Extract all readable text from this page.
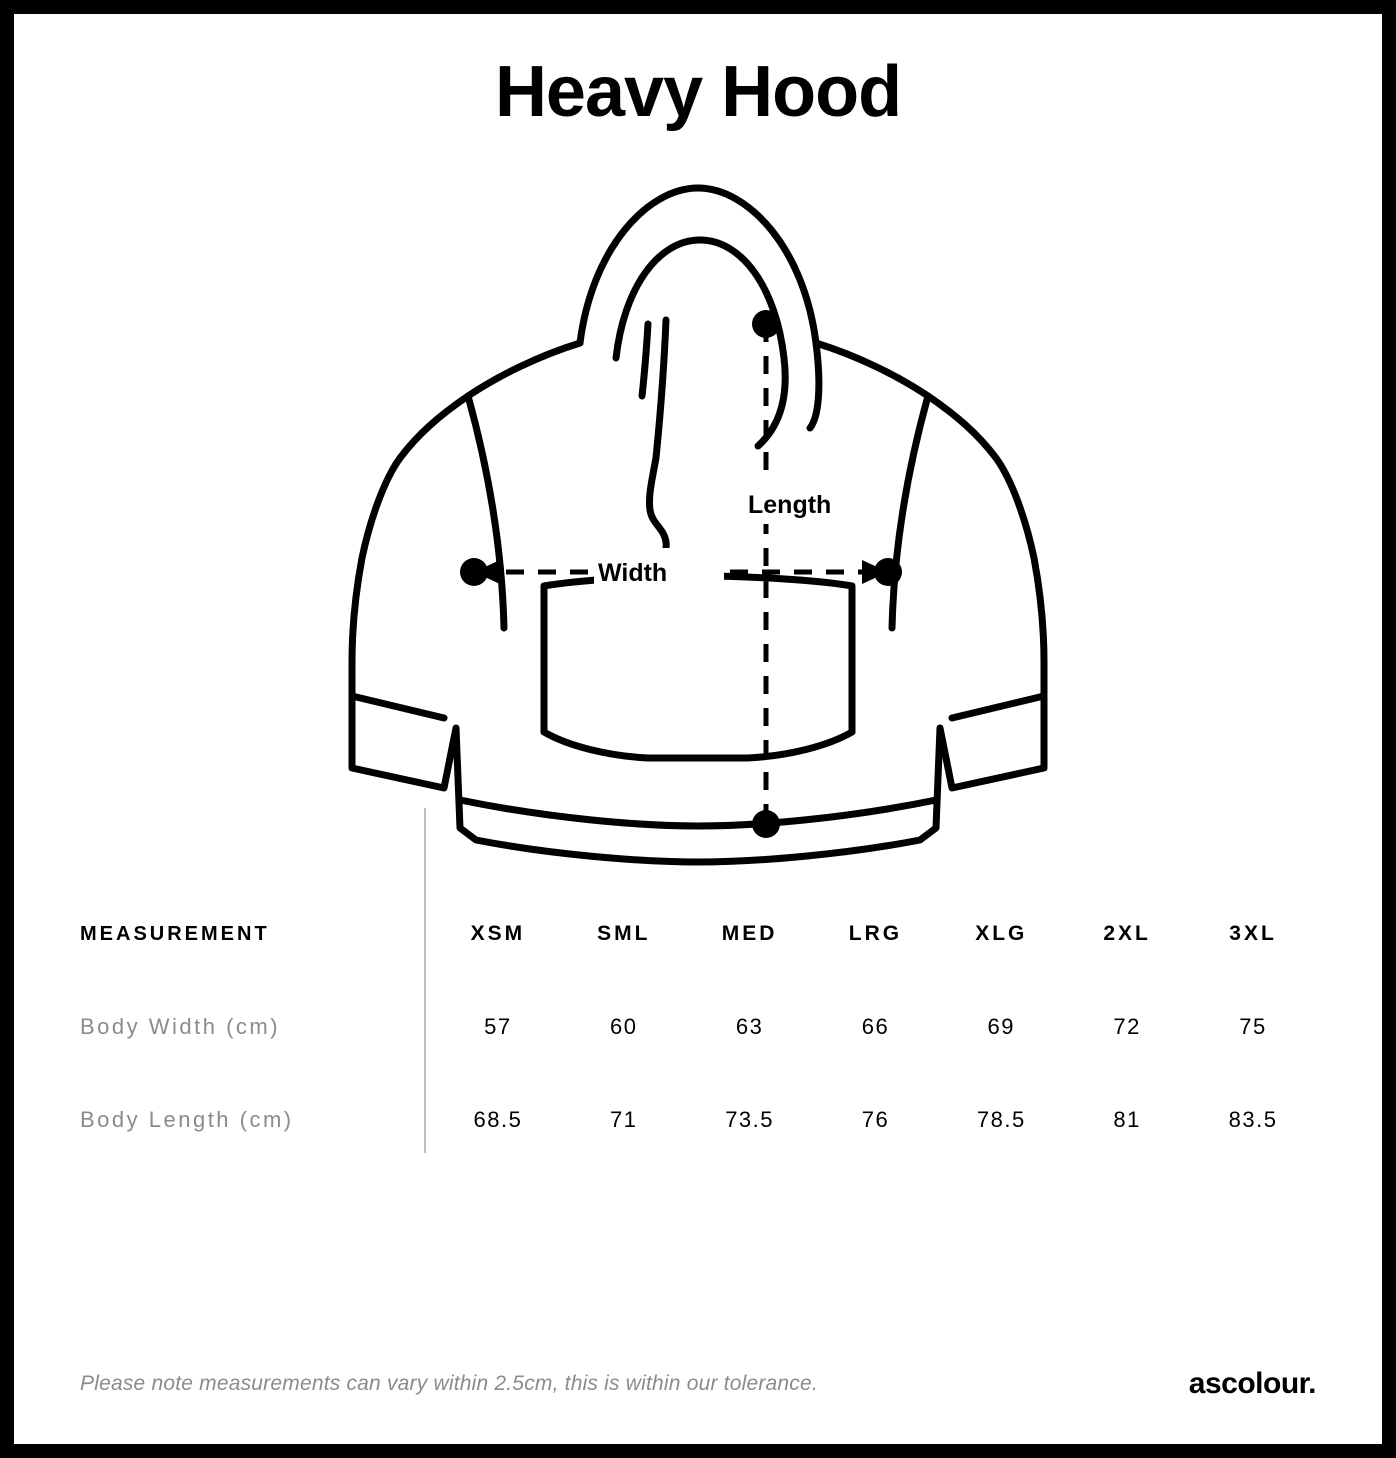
Heavy Hood
Width
Length
MEASUREMENT	XSM	SML	MED	LRG	XLG	2XL	3XL
Body Width (cm)	57	60	63	66	69	72	75
Body Length (cm)	68.5	71	73.5	76	78.5	81	83.5
Please note measurements can vary within 2.5cm, this is within our tolerance.	ascolour.
